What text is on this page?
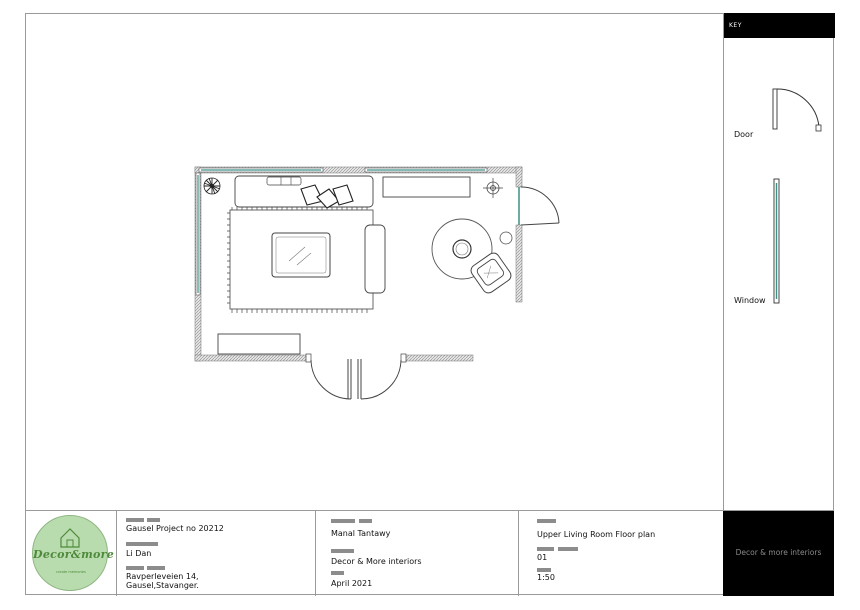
KEY
Door
Window
Decor&more
create memories
Gausel Project no 20212
Li Dan
Ravperleveien 14,
Gausel,Stavanger.
Manal Tantawy
Decor & More interiors
April 2021
Upper Living Room Floor plan
01
1:50
Decor & more interiors
